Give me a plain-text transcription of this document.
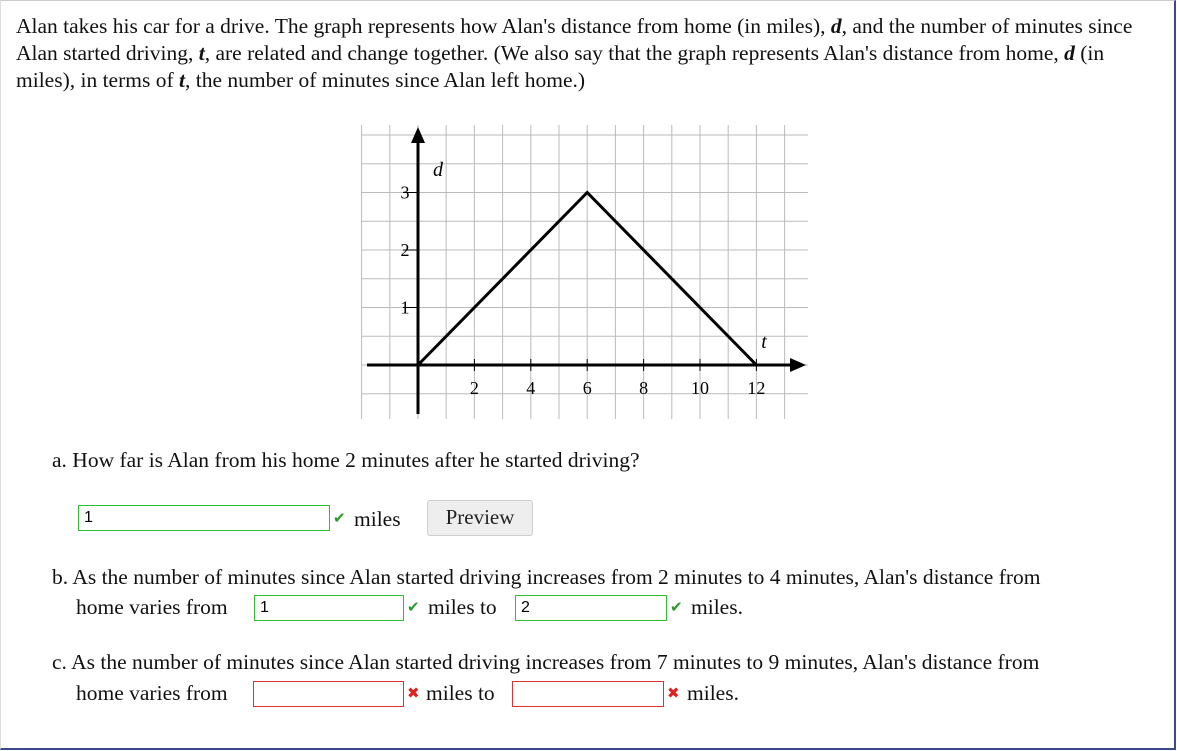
Alan takes his car for a drive. The graph represents how Alan's distance from home (in miles), d, and the number of minutes since Alan started driving, t, are related and change together. (We also say that the graph represents Alan's distance from home, d (in miles), in terms of t, the number of minutes since Alan left home.)

2	4	6	8 10 12
1
2
3
d
t

a. How far is Alan from his home 2 minutes after he started driving?

1
✔ miles	Preview

b. As the number of minutes since Alan started driving increases from 2 minutes to 4 minutes, Alan's distance from

home varies from
1	✔ miles to
2	✔ miles.

c. As the number of minutes since Alan started driving increases from 7 minutes to 9 minutes, Alan's distance from

home varies from	✖ miles to	✖ miles.
